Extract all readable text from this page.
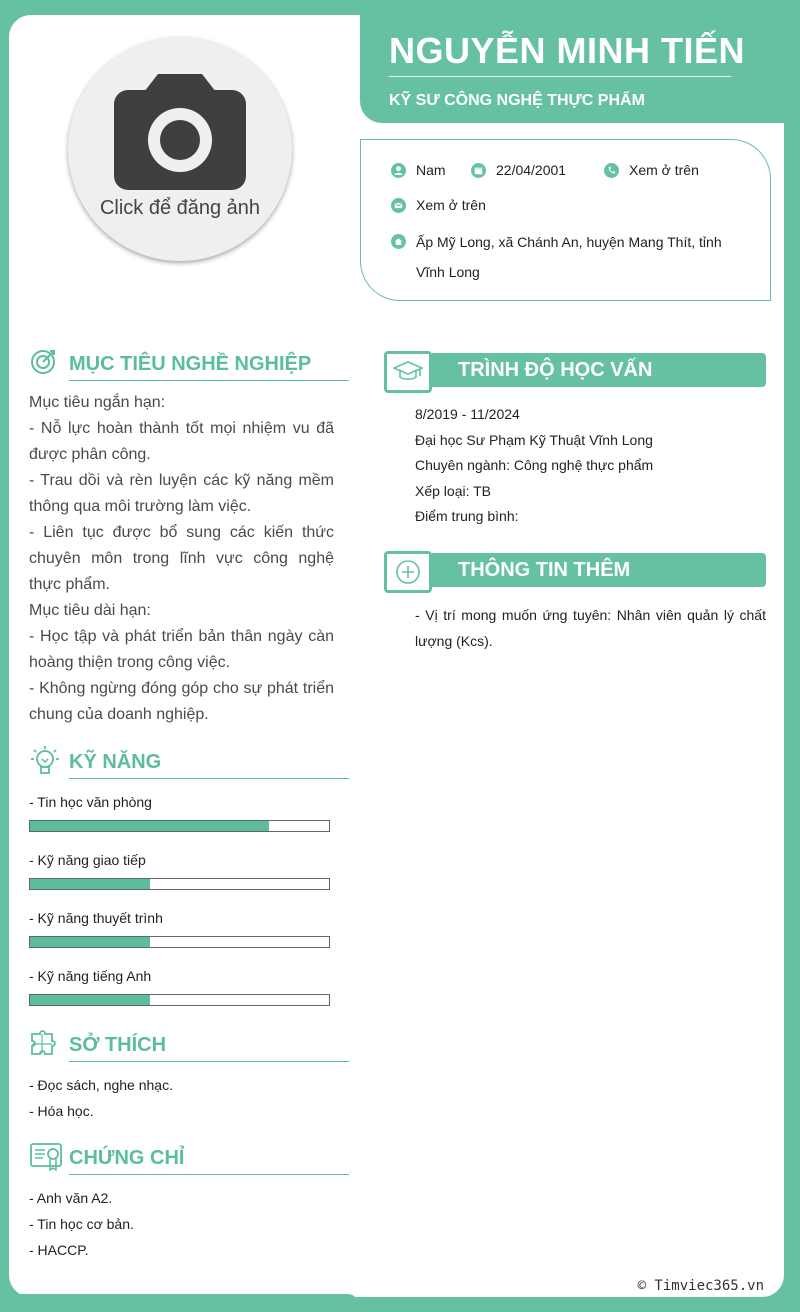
NGUYỄN MINH TIẾN
KỸ SƯ CÔNG NGHỆ THỰC PHẨM
Click để đăng ảnh
Nam	22/04/2001	Xem ở trên
Xem ở trên
Ấp Mỹ Long, xã Chánh An, huyện Mang Thít, tỉnh Vĩnh Long
MỤC TIÊU NGHỀ NGHIỆP

Mục tiêu ngắn hạn:

- Nỗ lực hoàn thành tốt mọi nhiệm vu đã được phân công.

- Trau dồi và rèn luyện các kỹ năng mềm thông qua môi trường làm việc.

- Liên tục được bổ sung các kiến thức chuyên môn trong lĩnh vực công nghệ thực phẩm.

Mục tiêu dài hạn:

- Học tập và phát triển bản thân ngày càn hoàng thiện trong công việc.

- Không ngừng đóng góp cho sự phát triển chung của doanh nghiệp.

KỸ NĂNG
- Tin học văn phòng
- Kỹ năng giao tiếp
- Kỹ năng thuyết trình
- Kỹ năng tiếng Anh
SỞ THÍCH

- Đọc sách, nghe nhạc.

- Hóa học.

CHỨNG CHỈ

- Anh văn A2.

- Tin học cơ bản.

- HACCP.

TRÌNH ĐỘ HỌC VẤN

8/2019 - 11/2024

Đại học Sư Phạm Kỹ Thuật Vĩnh Long

Chuyên ngành: Công nghệ thực phẩm

Xếp loại: TB

Điểm trung bình:

THÔNG TIN THÊM

- Vị trí mong muốn ứng tuyên: Nhân viên quản lý chất lượng (Kcs).

© Timviec365.vn
